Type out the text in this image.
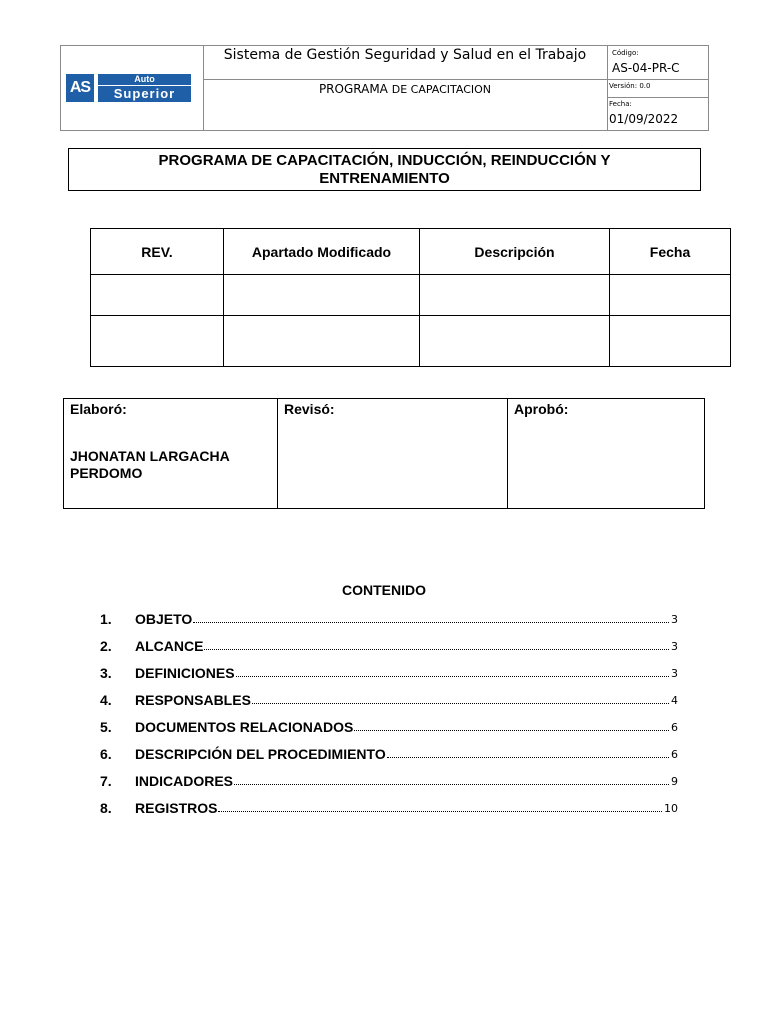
AS	Auto
Superior
Sistema de Gestión Seguridad y Salud en el Trabajo
PROGRAMA DE CAPACITACION
Código:
AS-04-PR-C
Versión: 0.0
Fecha:
01/09/2022
PROGRAMA DE CAPACITACIÓN, INDUCCIÓN, REINDUCCIÓN Y
ENTRENAMIENTO
REV.	Apartado Modificado	Descripción	Fecha

Elaboró:
JHONATAN LARGACHA PERDOMO

Revisó:	Aprobó:
CONTENIDO
1.	OBJETO	3
2.	ALCANCE	3
3.	DEFINICIONES	3
4.	RESPONSABLES	4
5.	DOCUMENTOS RELACIONADOS	6
6.	DESCRIPCIÓN DEL PROCEDIMIENTO	6
7.	INDICADORES	9
8.	REGISTROS	10
